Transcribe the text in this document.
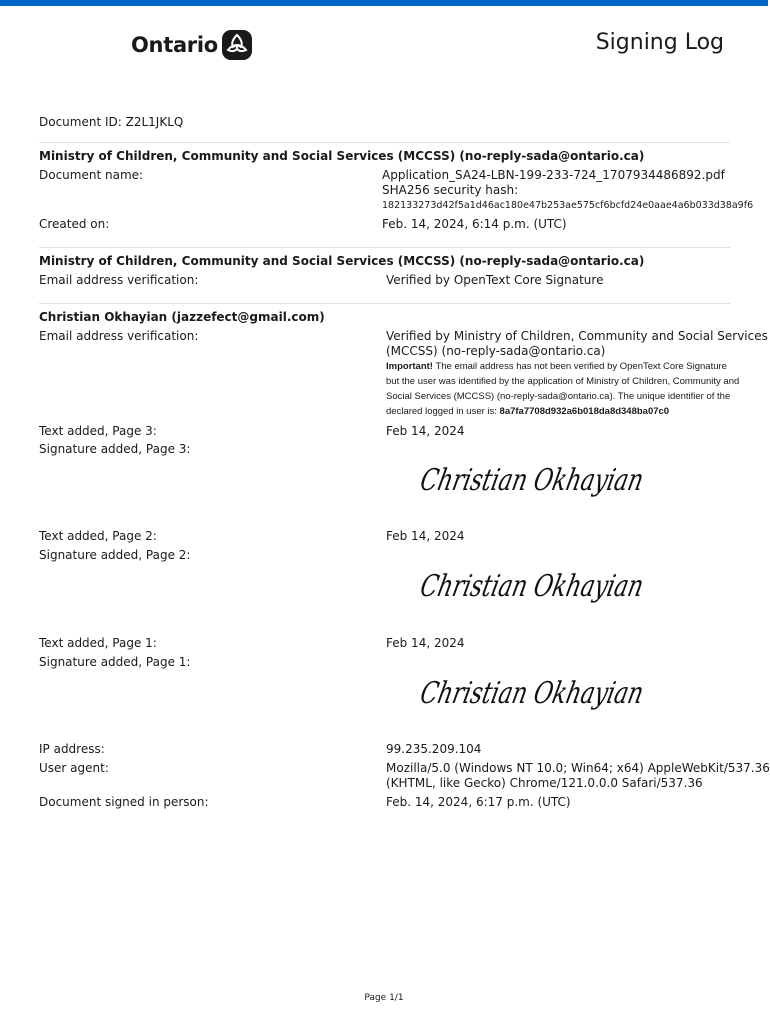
Ontario	Signing Log
Document ID: Z2L1JKLQ
Ministry of Children, Community and Social Services (MCCSS) (no-reply-sada@ontario.ca)
Document name:	Application_SA24-LBN-199-233-724_1707934486892.pdf
SHA256 security hash:
182133273d42f5a1d46ac180e47b253ae575cf6bcfd24e0aae4a6b033d38a9f6
Created on:	Feb. 14, 2024, 6:14 p.m. (UTC)
Ministry of Children, Community and Social Services (MCCSS) (no-reply-sada@ontario.ca)
Email address verification:	Verified by OpenText Core Signature
Christian Okhayian (jazzefect@gmail.com)
Email address verification:	Verified by Ministry of Children, Community and Social Services
(MCCSS) (no-reply-sada@ontario.ca)
Important! The email address has not been verified by OpenText Core Signature
but the user was identified by the application of Ministry of Children, Community and
Social Services (MCCSS) (no-reply-sada@ontario.ca). The unique identifier of the
declared logged in user is: 8a7fa7708d932a6b018da8d348ba07c0
Text added, Page 3:	Feb 14, 2024
Signature added, Page 3:
Christian Okhayian
Text added, Page 2:	Feb 14, 2024
Signature added, Page 2:
Christian Okhayian
Text added, Page 1:	Feb 14, 2024
Signature added, Page 1:
Christian Okhayian
IP address:	99.235.209.104
User agent:	Mozilla/5.0 (Windows NT 10.0; Win64; x64) AppleWebKit/537.36
(KHTML, like Gecko) Chrome/121.0.0.0 Safari/537.36
Document signed in person:	Feb. 14, 2024, 6:17 p.m. (UTC)
Page 1/1
